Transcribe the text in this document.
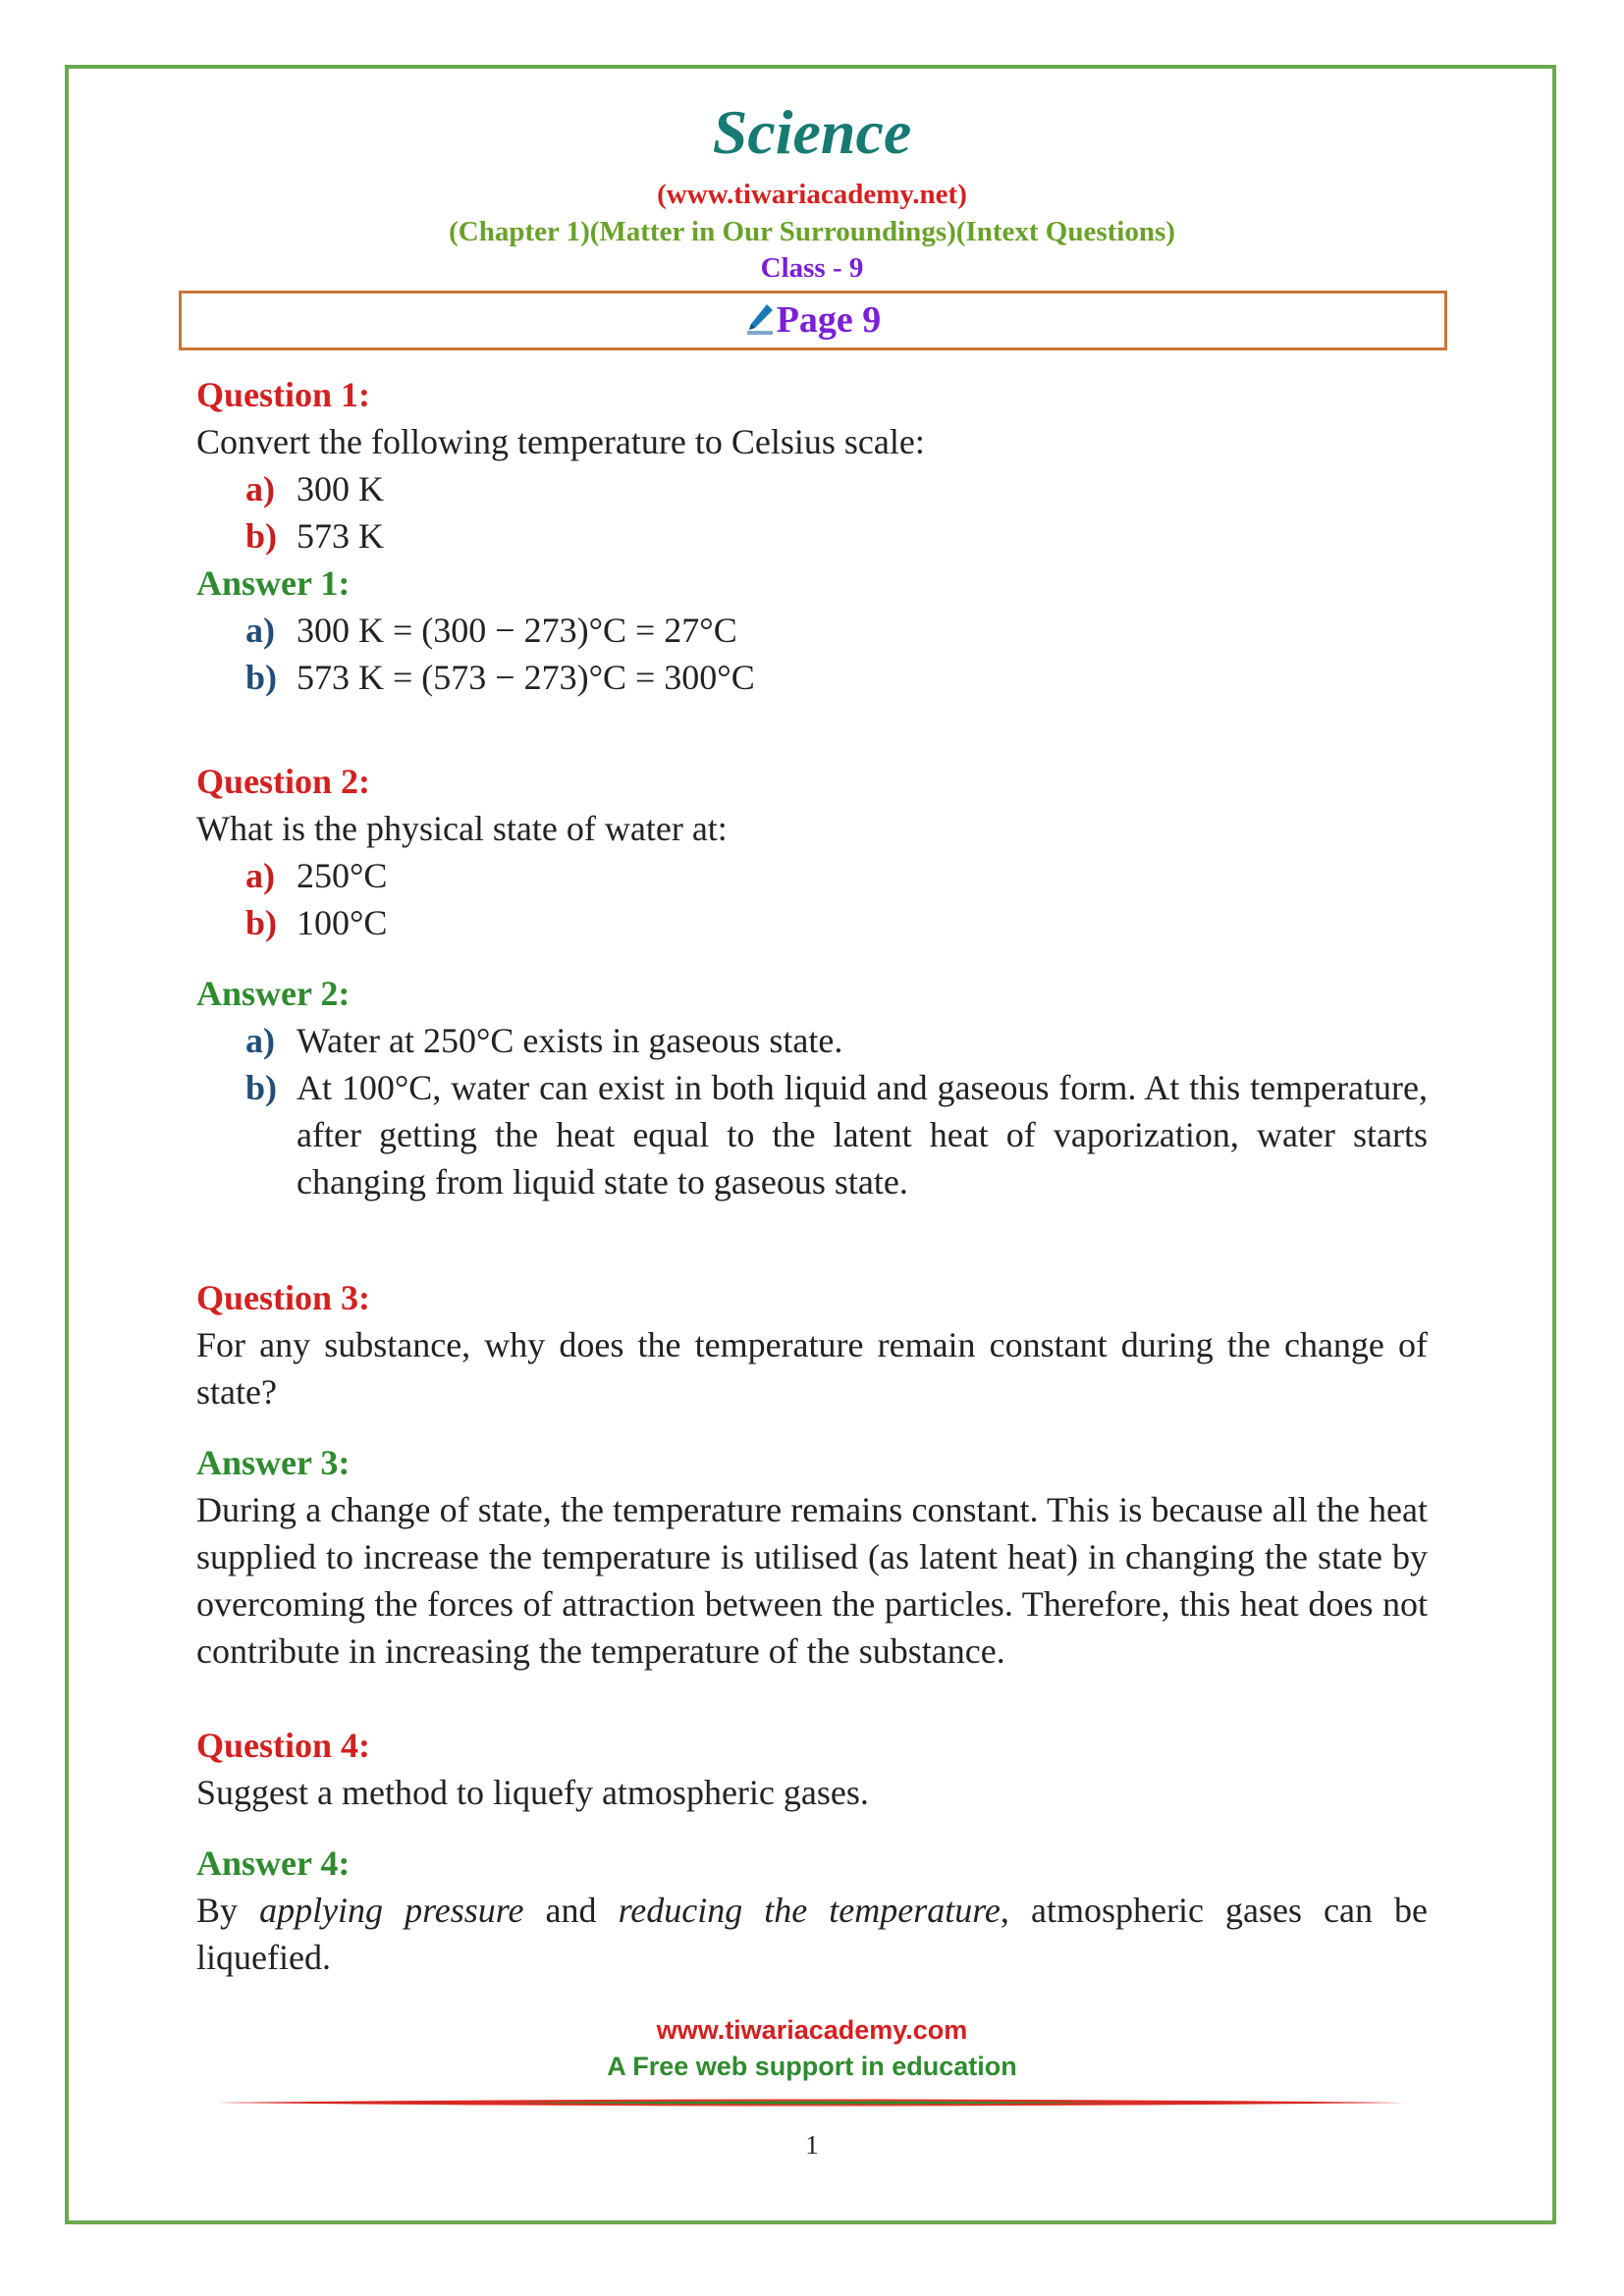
Science
(www.tiwariacademy.net)
(Chapter 1)(Matter in Our Surroundings)(Intext Questions)
Class - 9
Page 9
Question 1:
Convert the following temperature to Celsius scale:
a) 300 K
b) 573 K
Answer 1:
a) 300 K = (300 − 273)°C = 27°C
b) 573 K = (573 − 273)°C = 300°C
Question 2:
What is the physical state of water at:
a) 250°C
b) 100°C
Answer 2:
a) Water at 250°C exists in gaseous state.
b) At 100°C, water can exist in both liquid and gaseous form. At this temperature, after getting the heat equal to the latent heat of vaporization, water starts changing from liquid state to gaseous state.
Question 3:
For any substance, why does the temperature remain constant during the change of state?
Answer 3:
During a change of state, the temperature remains constant. This is because all the heat supplied to increase the temperature is utilised (as latent heat) in changing the state by overcoming the forces of attraction between the particles. Therefore, this heat does not contribute in increasing the temperature of the substance.
Question 4:
Suggest a method to liquefy atmospheric gases.
Answer 4:
By applying pressure and reducing the temperature, atmospheric gases can be liquefied.
www.tiwariacademy.com
A Free web support in education
1
